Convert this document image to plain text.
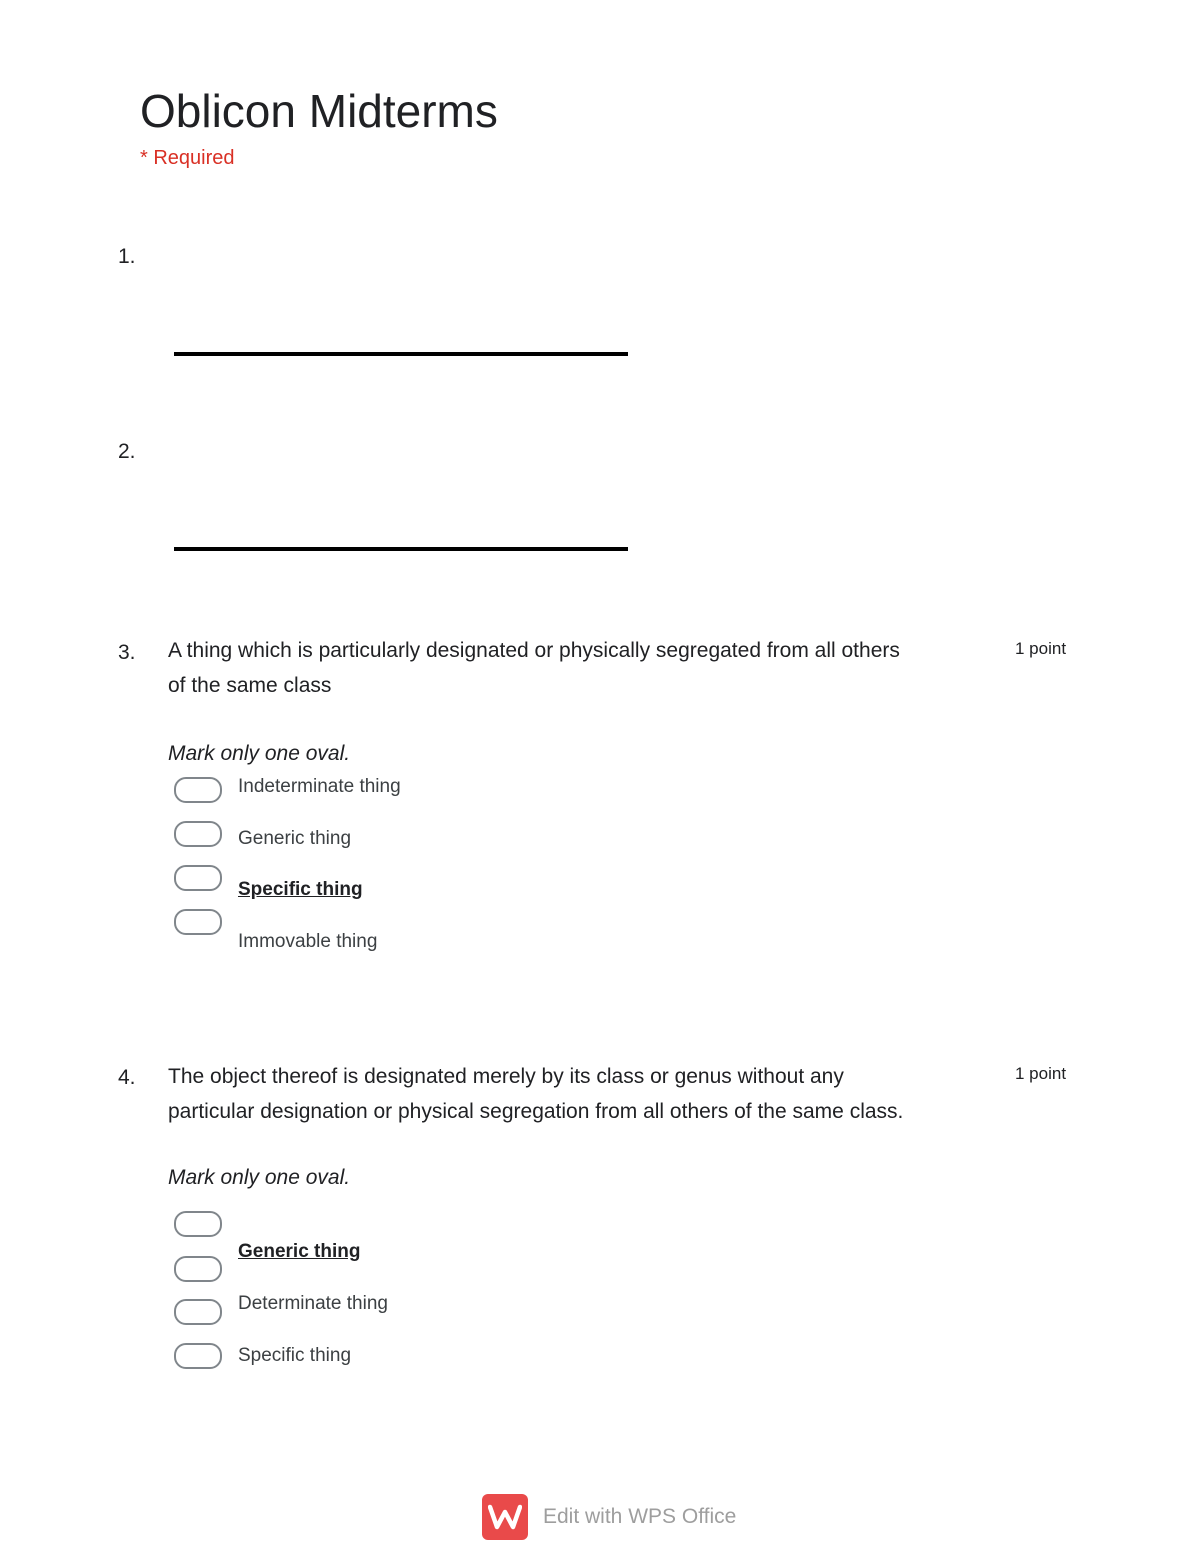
Oblicon Midterms
* Required
1.
2.
3. A thing which is particularly designated or physically segregated from all others
of the same class
1 point
Mark only one oval.
Indeterminate thing
Generic thing
Specific thing
Immovable thing
4. The object thereof is designated merely by its class or genus without any
particular designation or physical segregation from all others of the same class.
1 point
Mark only one oval.
Generic thing
Determinate thing
Specific thing
Edit with WPS Office
